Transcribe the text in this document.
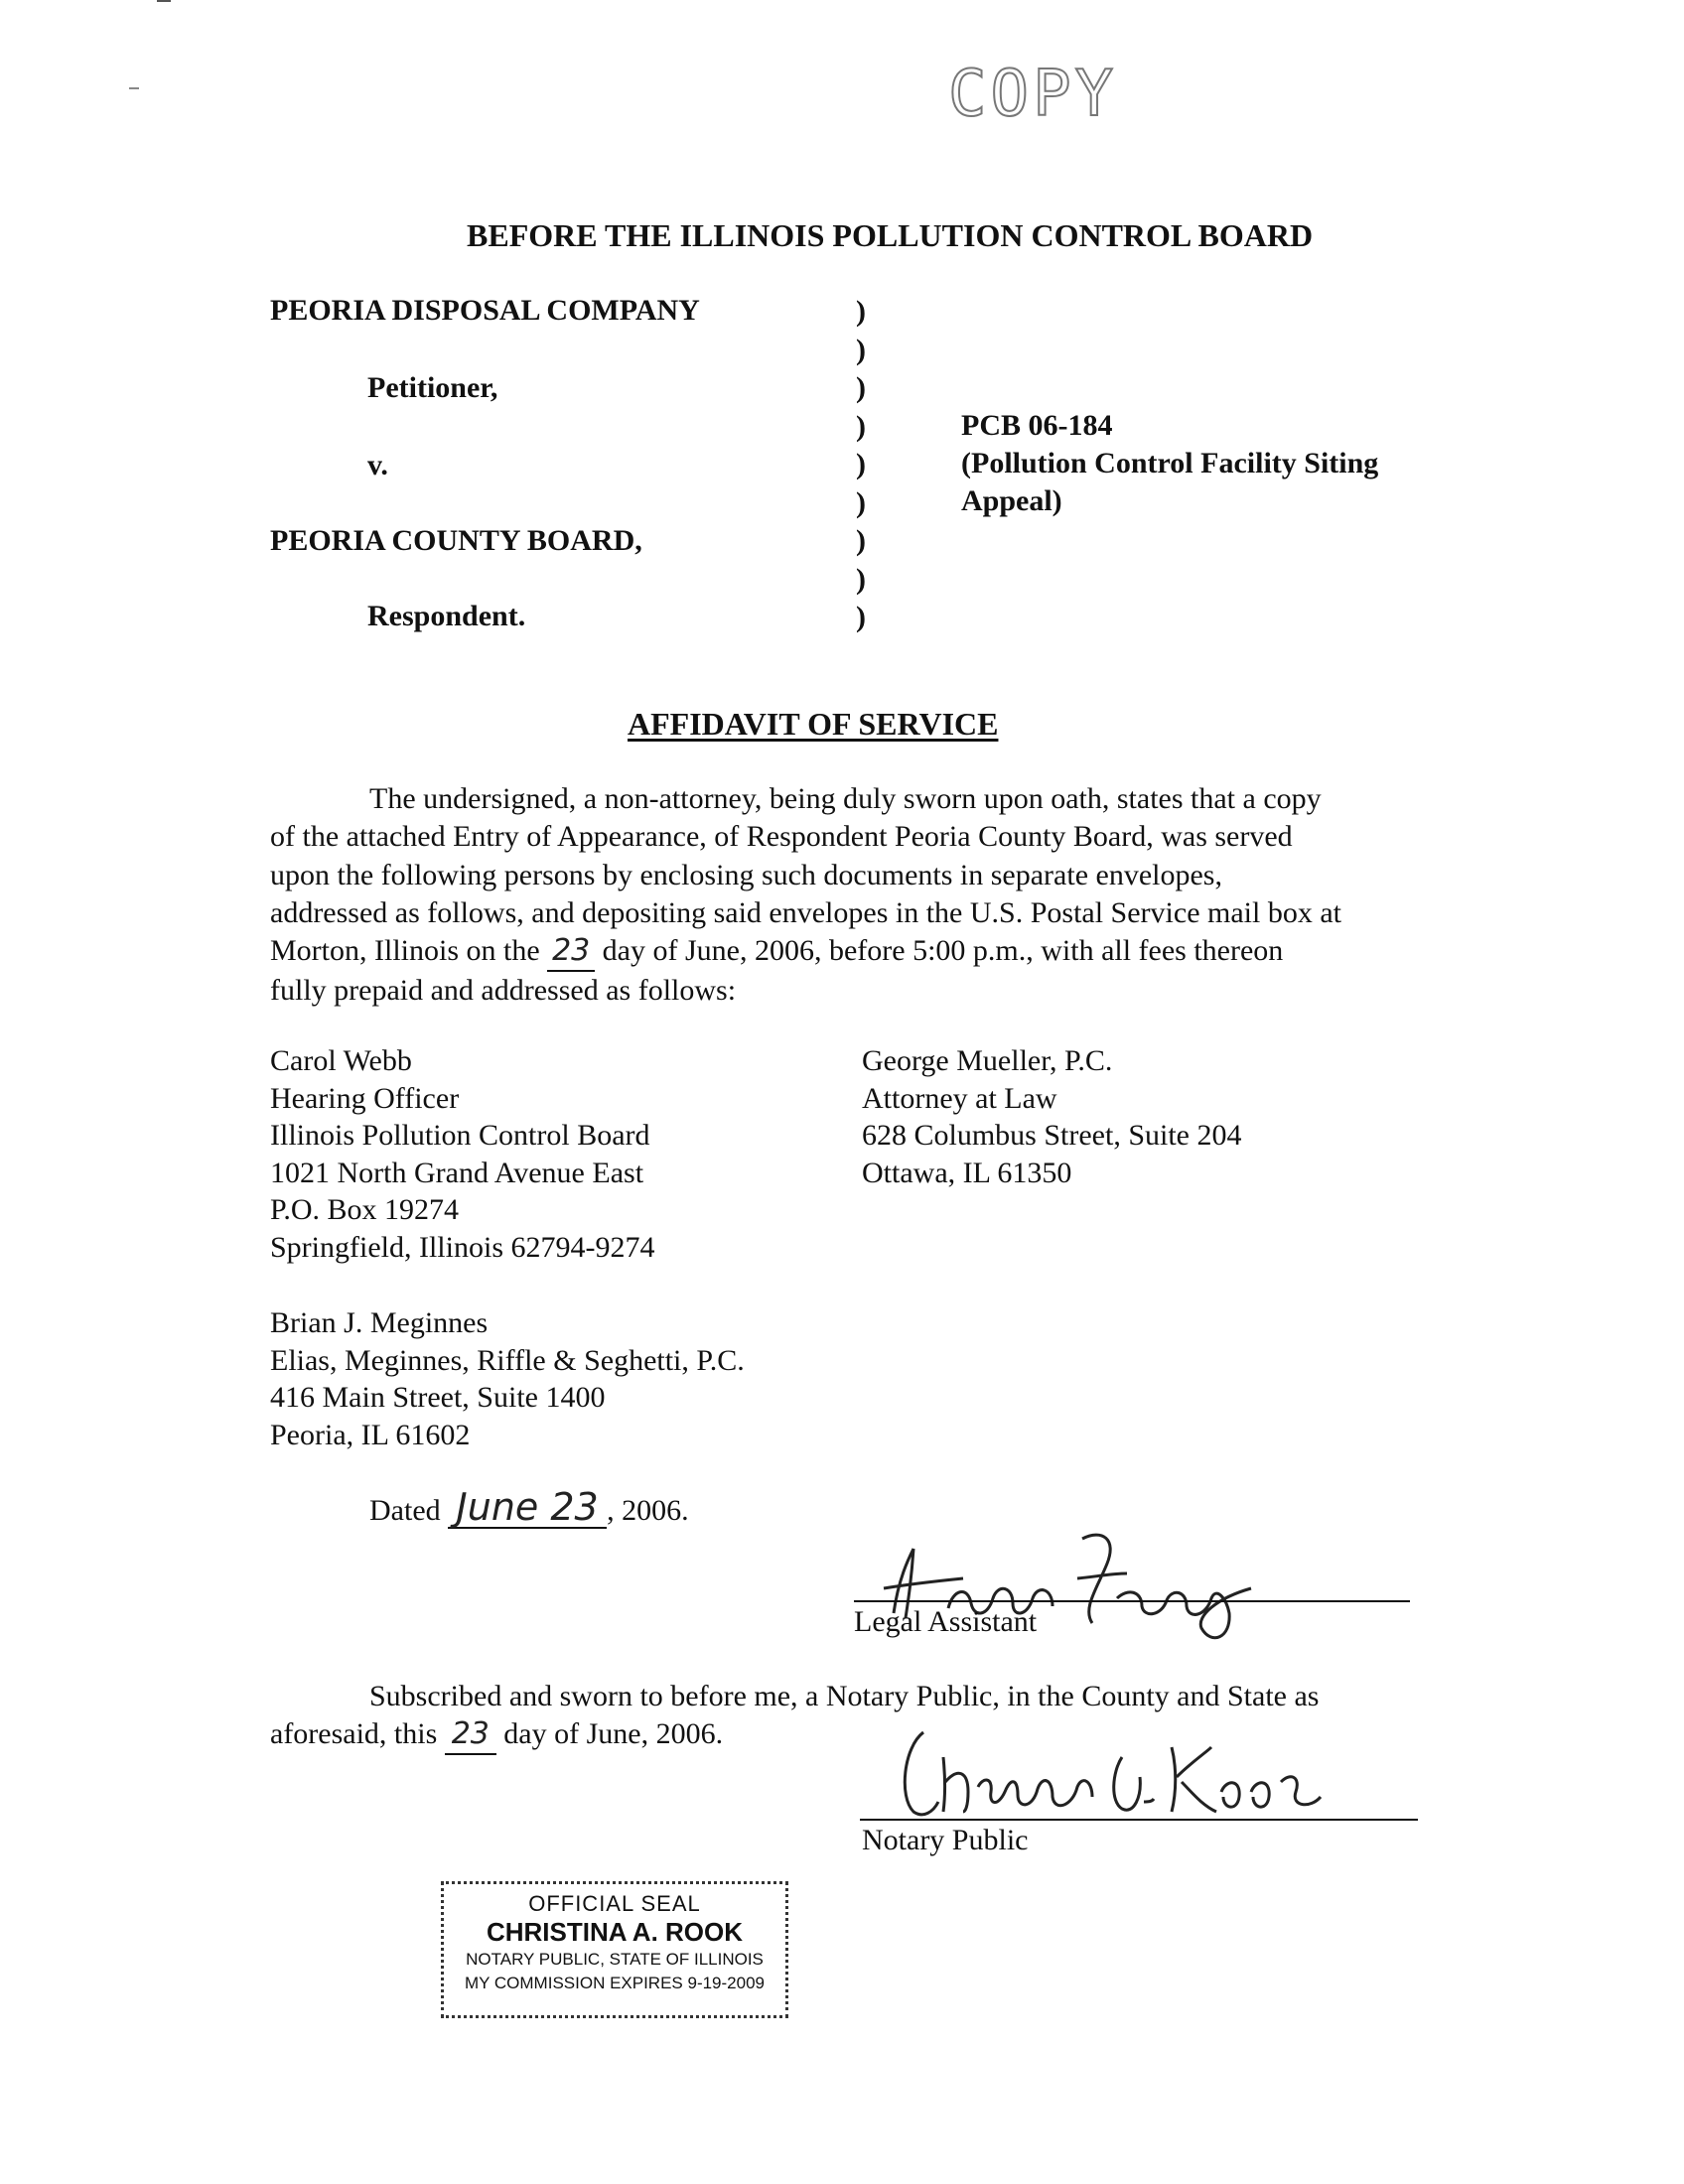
COPY
BEFORE THE ILLINOIS POLLUTION CONTROL BOARD
PEORIA DISPOSAL COMPANY
Petitioner,
v.
PEORIA COUNTY BOARD,
Respondent.
)
)
)
)
)
)
)
)
)
PCB 06-184
(Pollution Control Facility Siting
Appeal)
AFFIDAVIT OF SERVICE
The undersigned, a non-attorney, being duly sworn upon oath, states that a copy
of the attached Entry of Appearance, of Respondent Peoria County Board, was served
upon the following persons by enclosing such documents in separate envelopes,
addressed as follows, and depositing said envelopes in the U.S. Postal Service mail box at
Morton, Illinois on the 23 day of June, 2006, before 5:00 p.m., with all fees thereon
fully prepaid and addressed as follows:
Carol Webb
Hearing Officer
Illinois Pollution Control Board
1021 North Grand Avenue East
P.O. Box 19274
Springfield, Illinois 62794-9274
George Mueller, P.C.
Attorney at Law
628 Columbus Street, Suite 204
Ottawa, IL 61350
Brian J. Meginnes
Elias, Meginnes, Riffle & Seghetti, P.C.
416 Main Street, Suite 1400
Peoria, IL 61602
Dated June 23 , 2006.
Legal Assistant
Subscribed and sworn to before me, a Notary Public, in the County and State as
aforesaid, this 23 day of June, 2006.
Notary Public
OFFICIAL SEAL
CHRISTINA A. ROOK
NOTARY PUBLIC, STATE OF ILLINOIS
MY COMMISSION EXPIRES 9-19-2009
